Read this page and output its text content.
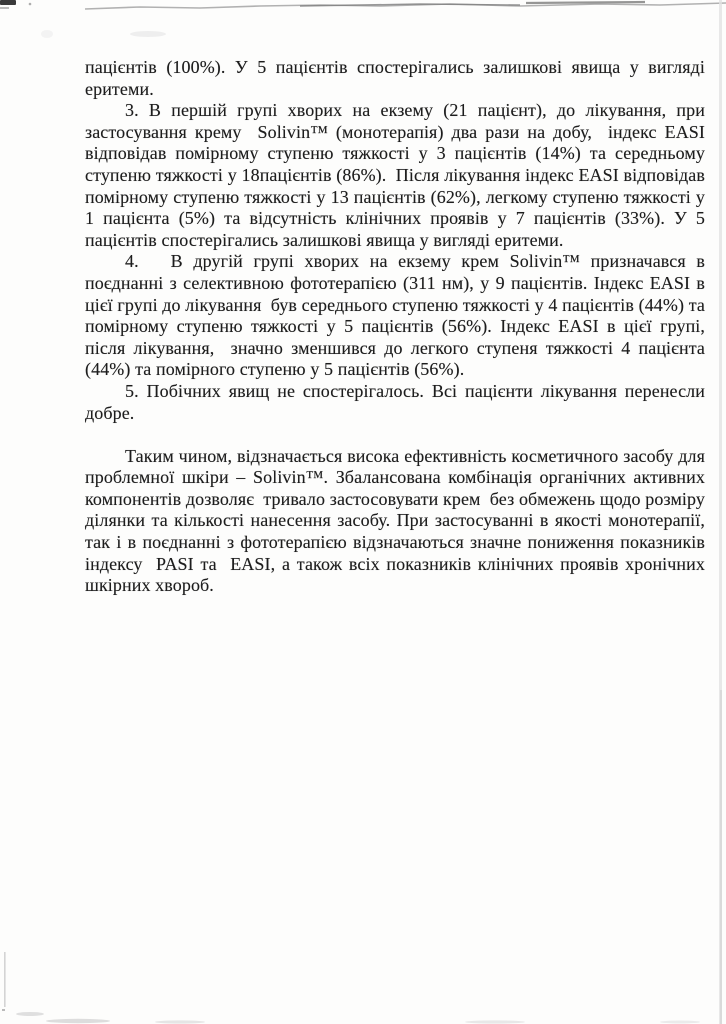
пацієнтів (100%). У 5 пацієнтів спостерігались залишкові явища у вигляді еритеми.

3. В першій групі хворих на екзему (21 пацієнт), до лікування, при застосування крему  Solivin™ (монотерапія) два рази на добу,  індекс EASI відповідав помірному ступеню тяжкості у 3 пацієнтів (14%) та середньому ступеню тяжкості у 18пацієнтів (86%).  Після лікування індекс EASI відповідав помірному ступеню тяжкості у 13 пацієнтів (62%), легкому ступеню тяжкості у 1 пацієнта (5%) та відсутність клінічних проявів у 7 пацієнтів (33%). У 5 пацієнтів спостерігались залишкові явища у вигляді еритеми.

4.   В другій групі хворих на екзему крем Solivin™ призначався в поєднанні з селективною фототерапією (311 нм), у 9 пацієнтів. Індекс EASI в цієї групі до лікування  був середнього ступеню тяжкості у 4 пацієнтів (44%) та помірному ступеню тяжкості у 5 пацієнтів (56%). Індекс EASI в цієї групі, після лікування,  значно зменшився до легкого ступеня тяжкості 4 пацієнта (44%) та помірного ступеню у 5 пацієнтів (56%).

5. Побічних явищ не спостерігалось. Всі пацієнти лікування перенесли добре.

Таким чином, відзначається висока ефективність косметичного засобу для проблемної шкіри – Solivin™. Збалансована комбінація органічних активних компонентів дозволяє  тривало застосовувати крем  без обмежень щодо розміру ділянки та кількості нанесення засобу. При застосуванні в якості монотерапії, так і в поєднанні з фототерапією відзначаються значне пониження показників індексу  PASI та  EASI, а також всіх показників клінічних проявів хронічних шкірних хвороб.
